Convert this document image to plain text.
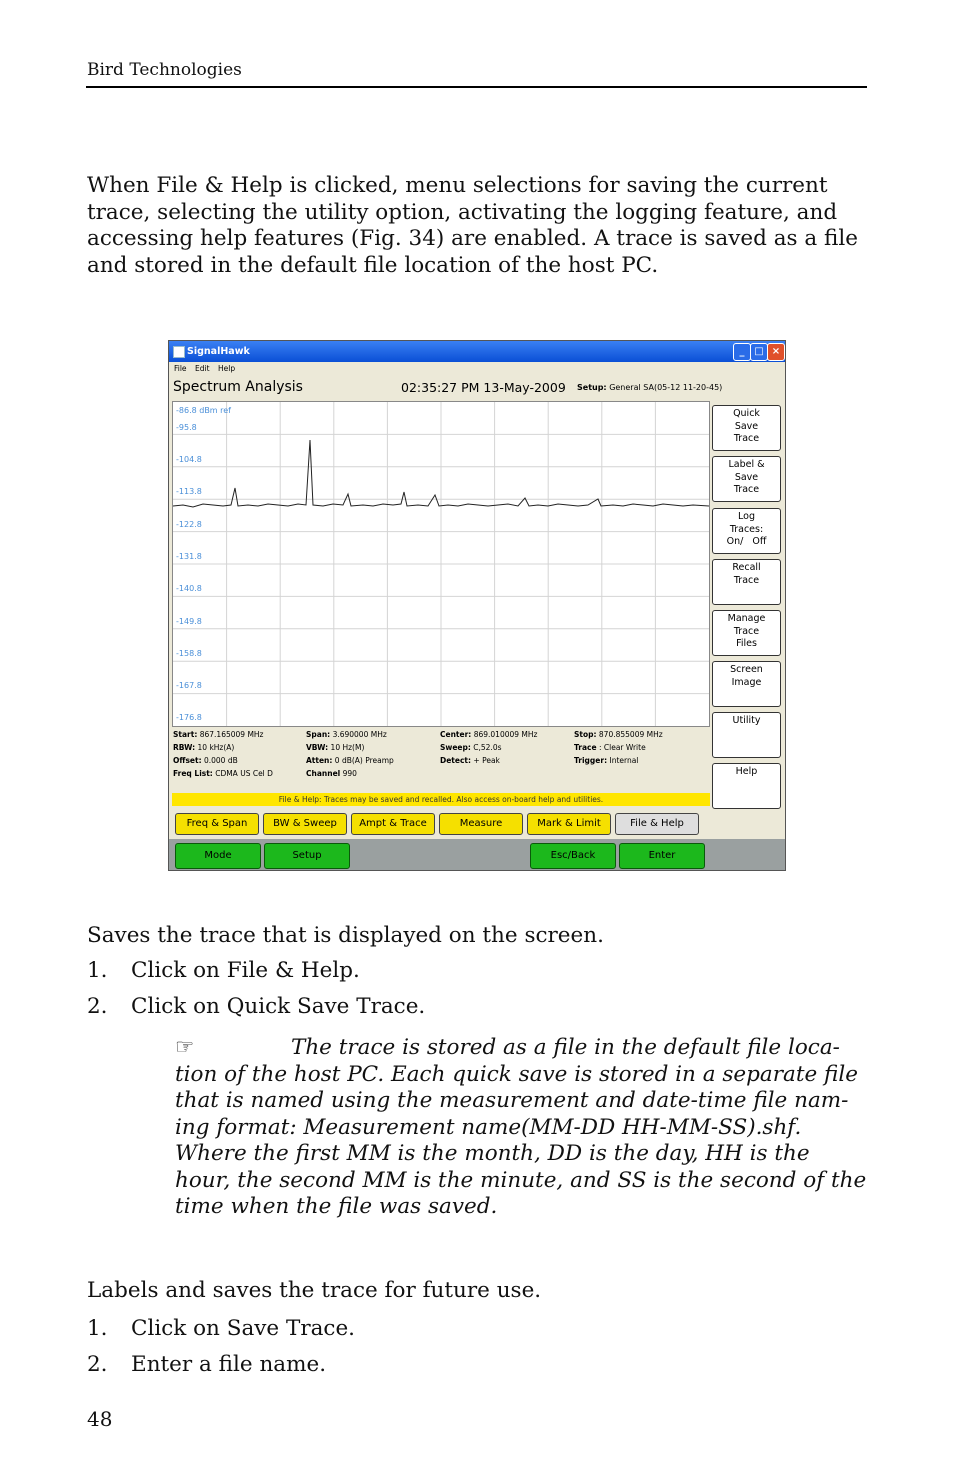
Bird Technologies
When File & Help is clicked, menu selections for saving the current
trace, selecting the utility option, activating the logging feature, and
accessing help features (Fig. 34) are enabled. A trace is saved as a file
and stored in the default file location of the host PC.
SignalHawk	_ □ ×
File Edit Help
Spectrum Analysis	02:35:27 PM 13-May-2009 Setup: General SA(05-12 11-20-45)
-86.8 dBm ref
-95.8
-104.8
-113.8
-122.8
-131.8
-140.8
-149.8
-158.8
-167.8
-176.8
Start: 867.165009 MHz	Span: 3.690000 MHz	Center: 869.010009 MHz	Stop: 870.855009 MHz
RBW: 10 kHz(A)	VBW: 10 Hz(M)	Sweep: C,52.0s	Trace : Clear Write
Offset: 0.000 dB	Atten: 0 dB(A) Preamp	Detect: + Peak	Trigger: Internal
Freq List: CDMA US Cel D	Channel 990
File & Help: Traces may be saved and recalled. Also access on-board help and utilities.
Quick
Save
Trace
Label &
Save
Trace
Log
Traces:
On/   Off
Recall
Trace
Manage
Trace
Files
Screen
Image
Utility
Help
Freq & Span	BW & Sweep	Ampt & Trace	Measure	Mark & Limit	File & Help
Mode	Setup	Esc/Back	Enter
Saves the trace that is displayed on the screen.
1. Click on File & Help.
2. Click on Quick Save Trace.
☞	The trace is stored as a file in the default file loca-
tion of the host PC. Each quick save is stored in a separate file
that is named using the measurement and date-time file nam-
ing format: Measurement name(MM-DD HH-MM-SS).shf.
Where the first MM is the month, DD is the day, HH is the
hour, the second MM is the minute, and SS is the second of the
time when the file was saved.
Labels and saves the trace for future use.
1. Click on Save Trace.
2. Enter a file name.
48
